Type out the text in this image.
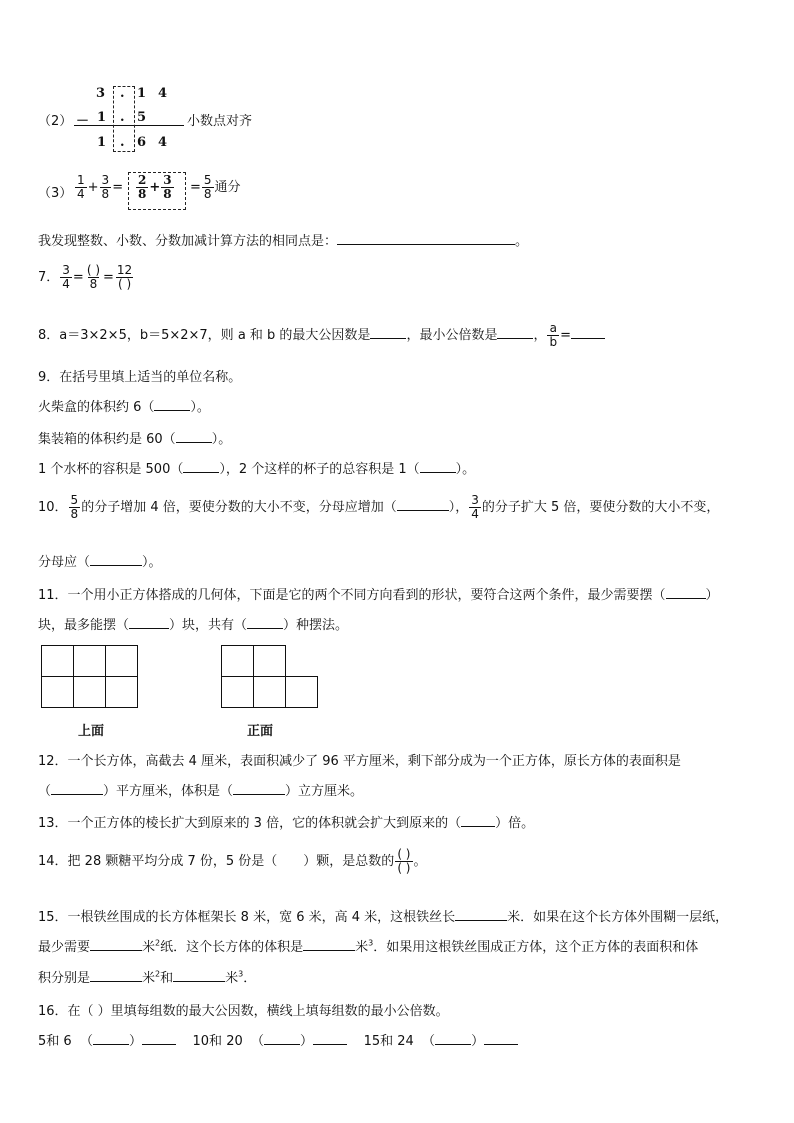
（2）
3 . 1 4
－ 1 . 5	小数点对齐
1 . 6 4
$(3) \frac{1}{4} + \frac{3}{8} = \frac{2}{8} + \frac{3}{8} = \frac{5}{8}$ 通分
我发现整数、小数、分数加减计算方法的相同点是：	。
7． $\frac{3}{4} = \frac{( )}{8} = \frac{12}{( )}$
8．a＝3×2×5，b＝5×2×7，则 a 和 b 的最大公因数是	，最小公倍数是	， $\frac{a}{b}$ =
9．在括号里填上适当的单位名称。
火柴盒的体积约 6（	）。
集装箱的体积约是 60（	）。
1 个水杯的容积是 500（	），2 个这样的杯子的总容积是 1（	）。
10． $\frac{5}{8}$ 的分子增加 4 倍，要使分数的大小不变，分母应增加（	）， $\frac{3}{4}$ 的分子扩大 5 倍，要使分数的大小不变，
分母应（	）。
11．一个用小正方体搭成的几何体，下面是它的两个不同方向看到的形状，要符合这两个条件，最少需要摆（	）
块，最多能摆（	）块，共有（	）种摆法。
上面	正面
12．一个长方体，高截去 4 厘米，表面积减少了 96 平方厘米，剩下部分成为一个正方体，原长方体的表面积是
（	）平方厘米，体积是（	）立方厘米。
13．一个正方体的棱长扩大到原来的 3 倍，它的体积就会扩大到原来的（	）倍。
14．把 28 颗糖平均分成 7 份，5 份是（ ）颗，是总数的 $\frac{( )}{( )}$ 。
15．一根铁丝围成的长方体框架长 8 米，宽 6 米，高 4 米，这根铁丝长	米．如果在这个长方体外围糊一层纸，
最少需要	米$^2$纸．这个长方体的体积是	米$^3$．如果用这根铁丝围成正方体，这个正方体的表面积和体
积分别是	米$^2$和	米$^3$．
16．在（ ）里填每组数的最大公因数，横线上填每组数的最小公倍数。
5和 6 （	）	10和 20 （	）	15和 24 （	）
